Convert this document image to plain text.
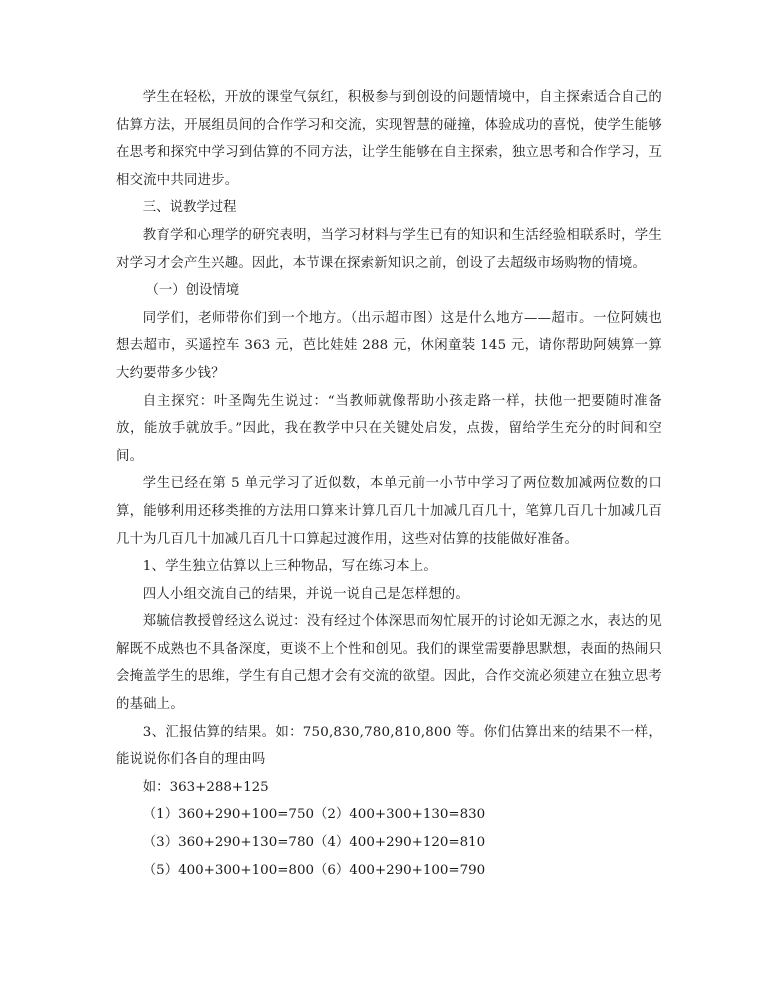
学生在轻松，开放的课堂气氛红，积极参与到创设的问题情境中，自主探索适合自己的估算方法，开展组员间的合作学习和交流，实现智慧的碰撞，体验成功的喜悦，使学生能够在思考和探究中学习到估算的不同方法，让学生能够在自主探索，独立思考和合作学习，互相交流中共同进步。

三、说教学过程

教育学和心理学的研究表明，当学习材料与学生已有的知识和生活经验相联系时，学生对学习才会产生兴趣。因此，本节课在探索新知识之前，创设了去超级市场购物的情境。

（一）创设情境

同学们，老师带你们到一个地方。（出示超市图）这是什么地方——超市。一位阿姨也想去超市，买遥控车 363 元，芭比娃娃 288 元，休闲童装 145 元，请你帮助阿姨算一算大约要带多少钱？

自主探究：叶圣陶先生说过：“当教师就像帮助小孩走路一样，扶他一把要随时准备放，能放手就放手。”因此，我在教学中只在关键处启发，点拨，留给学生充分的时间和空间。

学生已经在第 5 单元学习了近似数，本单元前一小节中学习了两位数加减两位数的口算，能够利用还移类推的方法用口算来计算几百几十加减几百几十，笔算几百几十加减几百几十为几百几十加减几百几十口算起过渡作用，这些对估算的技能做好准备。

1、学生独立估算以上三种物品，写在练习本上。

四人小组交流自己的结果，并说一说自己是怎样想的。

郑毓信教授曾经这么说过：没有经过个体深思而匆忙展开的讨论如无源之水，表达的见解既不成熟也不具备深度，更谈不上个性和创见。我们的课堂需要静思默想，表面的热闹只会掩盖学生的思维，学生有自己想才会有交流的欲望。因此，合作交流必须建立在独立思考的基础上。

3、汇报估算的结果。如：750,830,780,810,800 等。你们估算出来的结果不一样，能说说你们各自的理由吗

如：363+288+125

（1）360+290+100=750（2）400+300+130=830

（3）360+290+130=780（4）400+290+120=810

（5）400+300+100=800（6）400+290+100=790
